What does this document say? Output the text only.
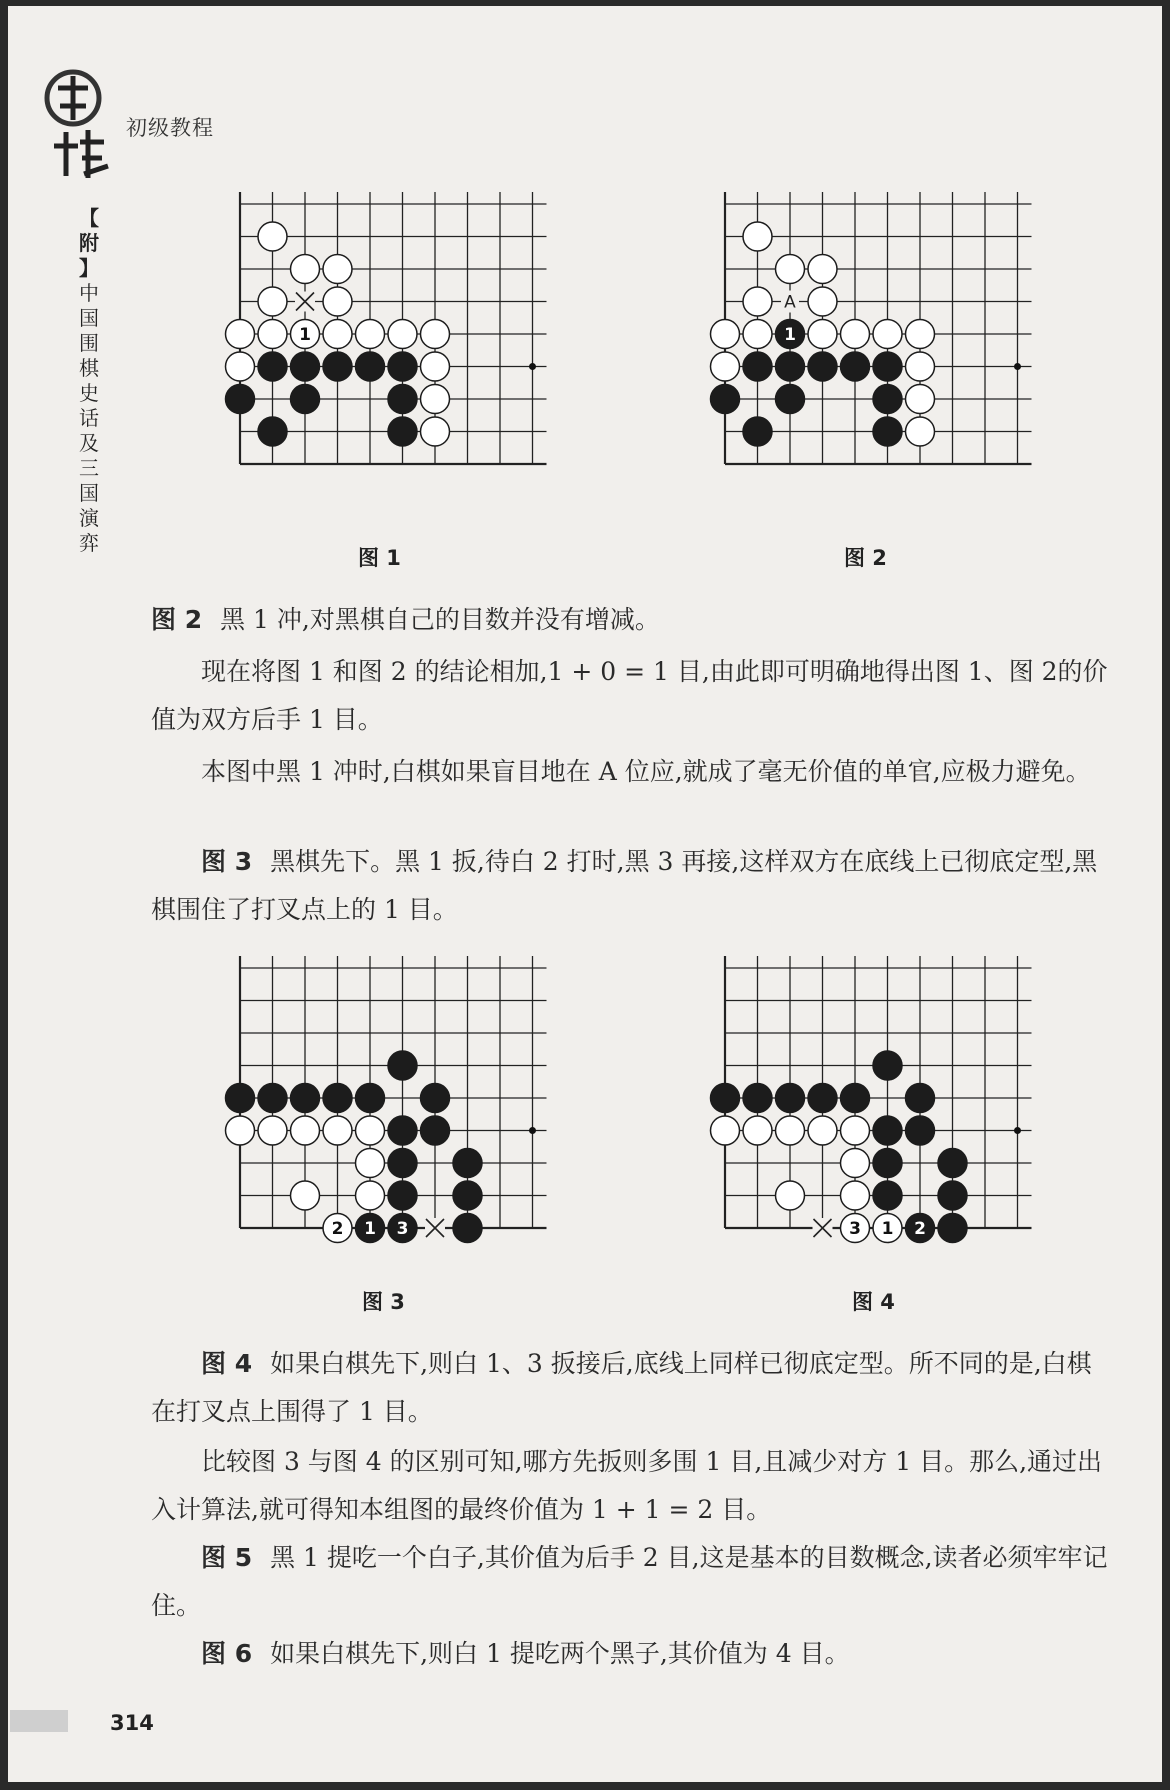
初级教程
【
附
】
中国围棋史话及三国演弈
1
A
1
图 1	图 2

图 2 黑 1 冲,对黑棋自己的目数并没有增减。

现在将图 1 和图 2 的结论相加,1 + 0 = 1 目,由此即可明确地得出图 1、图 2的价值为双方后手 1 目。

本图中黑 1 冲时,白棋如果盲目地在 A 位应,就成了毫无价值的单官,应极力避免。

图 3 黑棋先下。黑 1 扳,待白 2 打时,黑 3 再接,这样双方在底线上已彻底定型,黑棋围住了打叉点上的 1 目。

2 1 3	3 1 2
图 3	图 4

图 4 如果白棋先下,则白 1、3 扳接后,底线上同样已彻底定型。所不同的是,白棋在打叉点上围得了 1 目。

比较图 3 与图 4 的区别可知,哪方先扳则多围 1 目,且减少对方 1 目。那么,通过出入计算法,就可得知本组图的最终价值为 1 + 1 = 2 目。

图 5 黑 1 提吃一个白子,其价值为后手 2 目,这是基本的目数概念,读者必须牢牢记住。

图 6 如果白棋先下,则白 1 提吃两个黑子,其价值为 4 目。

314
